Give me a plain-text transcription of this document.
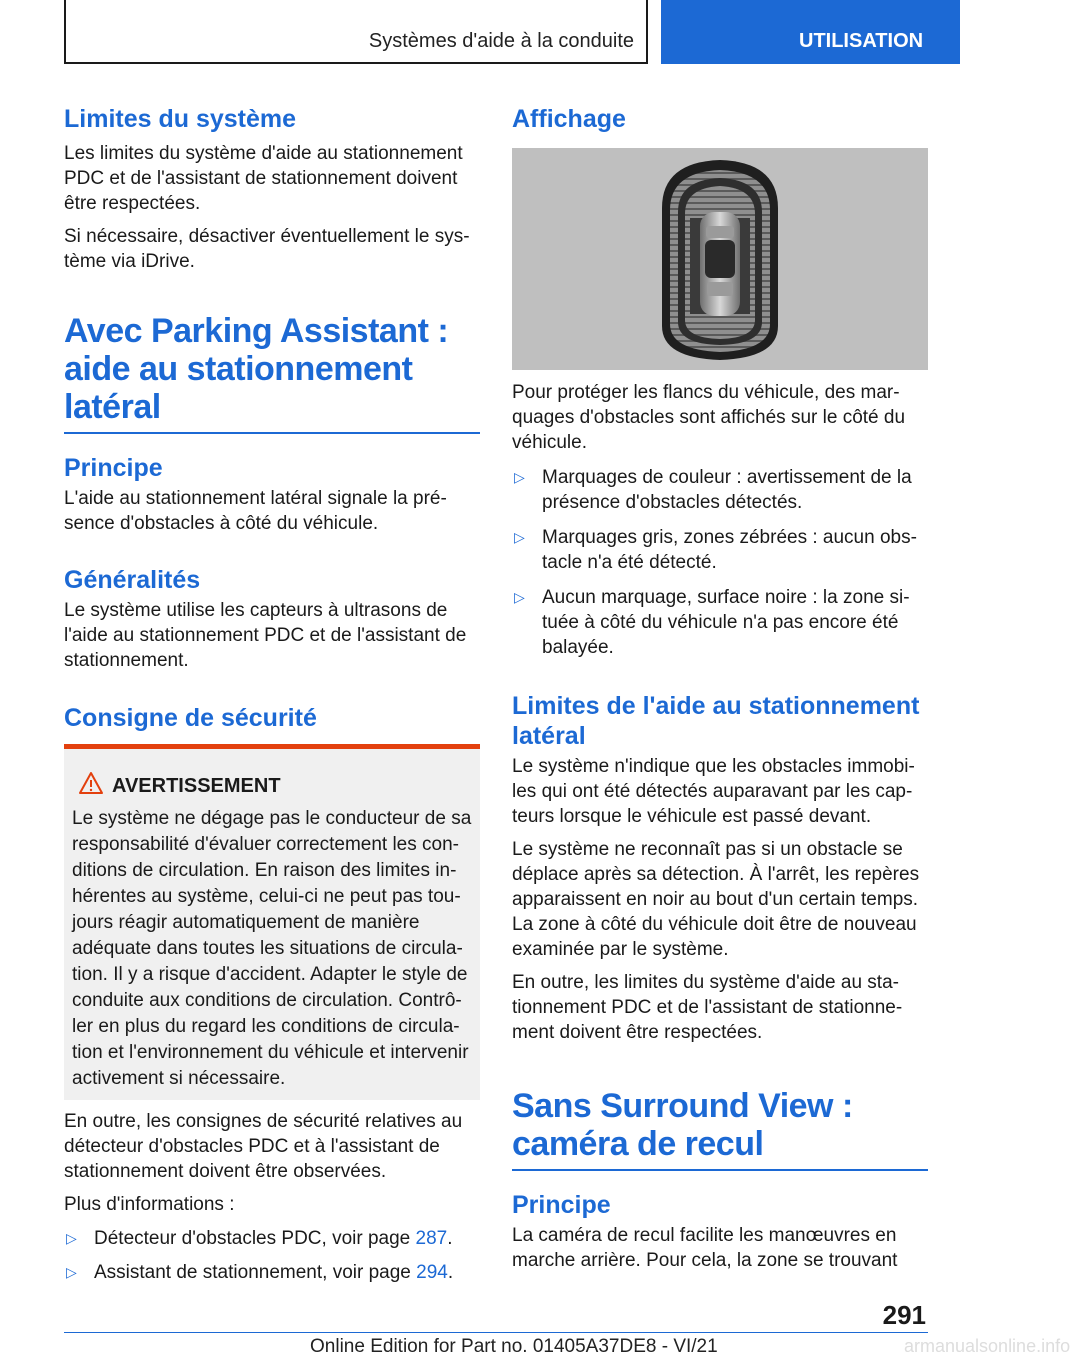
Systèmes d'aide à la conduite	UTILISATION
Limites du système

Les limites du système d'aide au stationnement PDC et de l'assistant de stationnement doivent être respectées.

Si nécessaire, désactiver éventuellement le sys‐tème via iDrive.

Avec Parking Assistant : aide au stationnement latéral
Principe

L'aide au stationnement latéral signale la pré‐sence d'obstacles à côté du véhicule.

Généralités

Le système utilise les capteurs à ultrasons de l'aide au stationnement PDC et de l'assistant de stationnement.

Consigne de sécurité
AVERTISSEMENT
Le système ne dégage pas le conducteur de sa responsabilité d'évaluer correctement les con‐ditions de circulation. En raison des limites in‐hérentes au système, celui-ci ne peut pas tou‐jours réagir automatiquement de manière adéquate dans toutes les situations de circula‐tion. Il y a risque d'accident. Adapter le style de conduite aux conditions de circulation. Contrô‐ler en plus du regard les conditions de circula‐tion et l'environnement du véhicule et intervenir activement si nécessaire.

En outre, les consignes de sécurité relatives au détecteur d'obstacles PDC et à l'assistant de stationnement doivent être observées.

Plus d'informations :

▷ Détecteur d'obstacles PDC, voir page 287.
▷ Assistant de stationnement, voir page 294.
Affichage

Pour protéger les flancs du véhicule, des mar‐quages d'obstacles sont affichés sur le côté du véhicule.

▷ Marquages de couleur : avertissement de la présence d'obstacles détectés.
▷ Marquages gris, zones zébrées : aucun obs‐tacle n'a été détecté.
▷ Aucun marquage, surface noire : la zone si‐tuée à côté du véhicule n'a pas encore été balayée.
Limites de l'aide au stationnement latéral

Le système n'indique que les obstacles immobi‐les qui ont été détectés auparavant par les cap‐teurs lorsque le véhicule est passé devant.

Le système ne reconnaît pas si un obstacle se déplace après sa détection. À l'arrêt, les repères apparaissent en noir au bout d'un certain temps. La zone à côté du véhicule doit être de nouveau examinée par le système.

En outre, les limites du système d'aide au sta‐tionnement PDC et de l'assistant de stationne‐ment doivent être respectées.

Sans Surround View : caméra de recul
Principe

La caméra de recul facilite les manœuvres en marche arrière. Pour cela, la zone se trouvant

291
Online Edition for Part no. 01405A37DE8 - VI/21	armanualsonline.info
